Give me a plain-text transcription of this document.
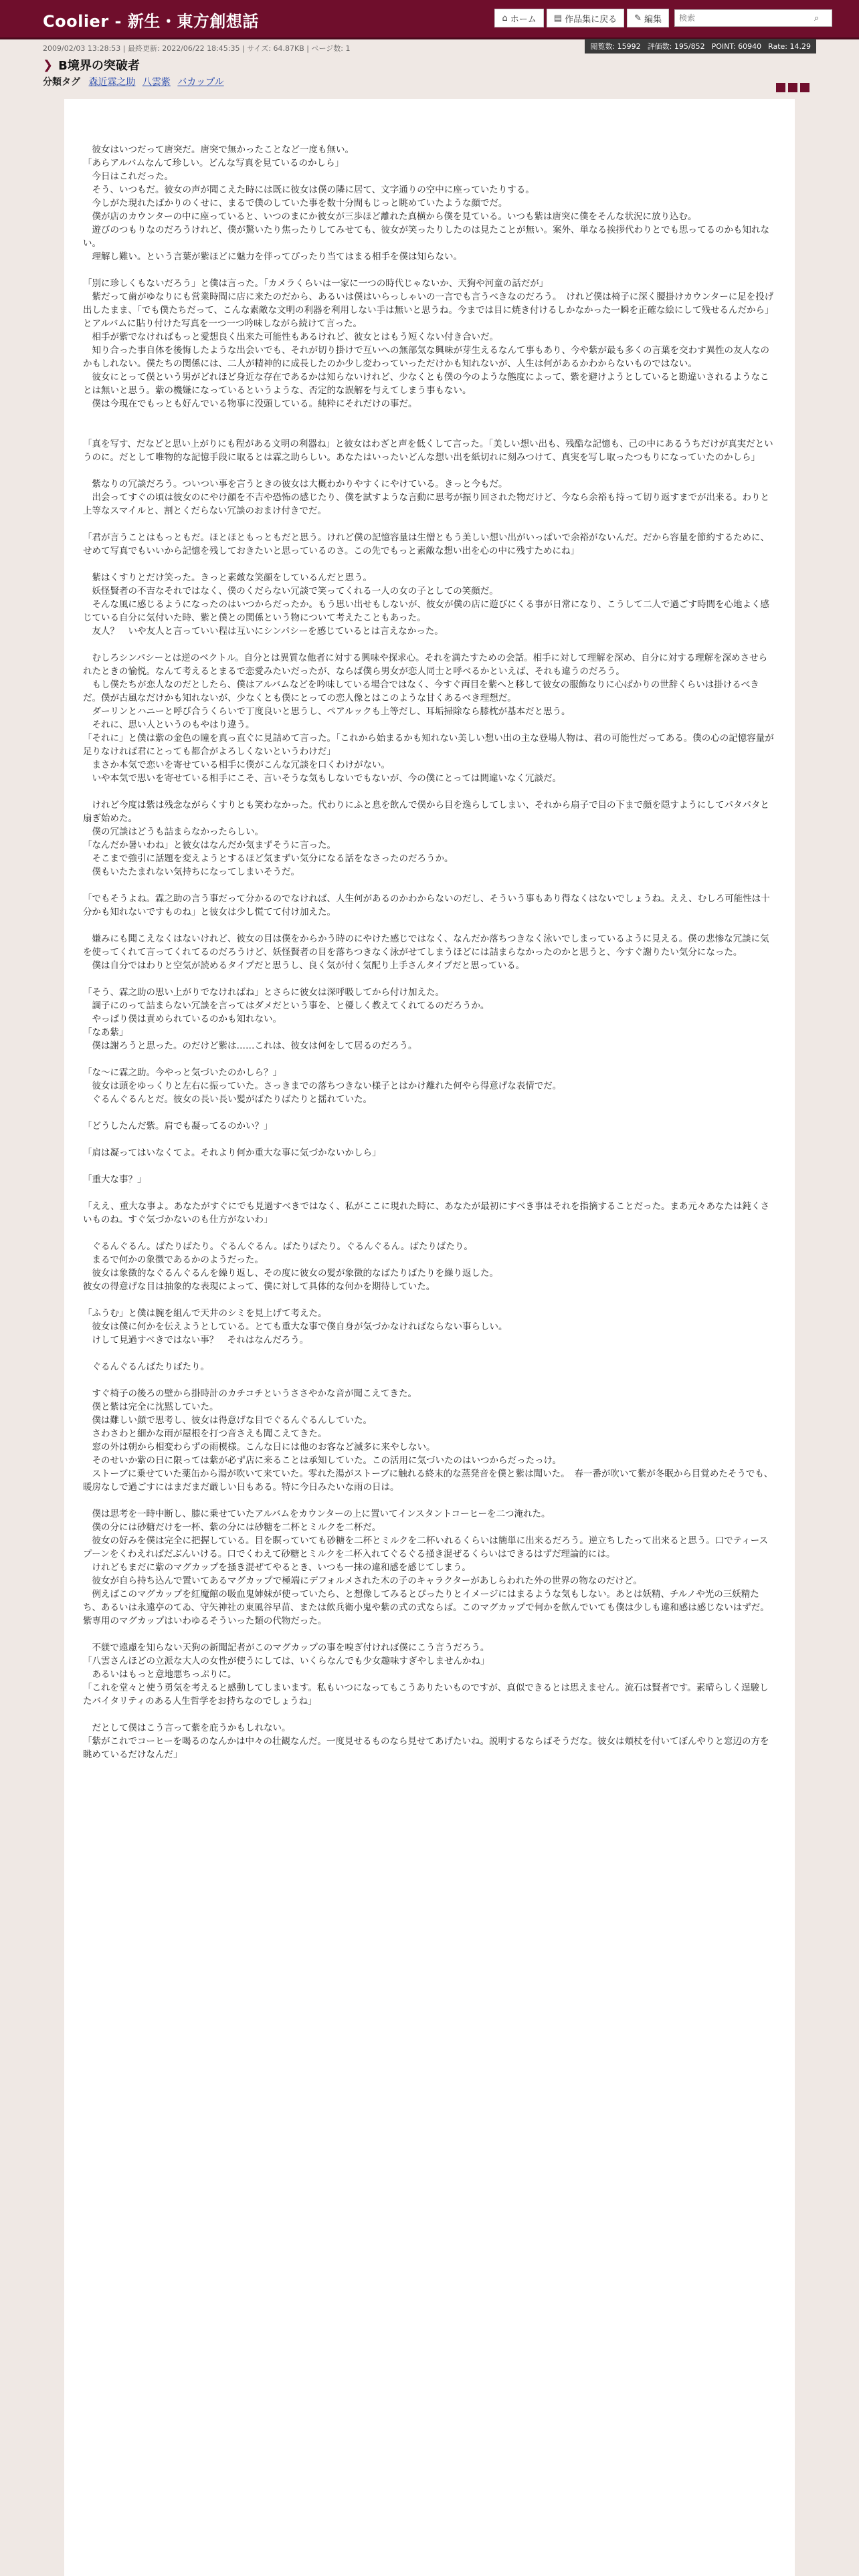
Coolier - 新生・東方創想話	⌂ ホーム ▤ 作品集に戻る ✎ 編集
検索	⌕
2009/02/03 13:28:53 | 最終更新: 2022/06/22 18:45:35 | サイズ: 64.87KB | ページ数: 1	閲覧数: 15992 評価数: 195/852 POINT: 60940 Rate: 14.29
❯ B境界の突破者
分類タグ 森近霖之助 八雲紫 バカップル

　彼女はいつだって唐突だ。唐突で無かったことなど一度も無い。

「あらアルバムなんて珍しい。どんな写真を見ているのかしら」

　今日はこれだった。

　そう、いつもだ。彼女の声が聞こえた時には既に彼女は僕の隣に居て、文字通りの空中に座っていたりする。

　今しがた現れたばかりのくせに、まるで僕のしていた事を数十分間もじっと眺めていたような顔でだ。

　僕が店のカウンターの中に座っていると、いつのまにか彼女が三歩ほど離れた真横から僕を見ている。いつも紫は唐突に僕をそんな状況に放り込む。

　遊びのつもりなのだろうけれど、僕が驚いたり焦ったりしてみせても、彼女が笑ったりしたのは見たことが無い。案外、単なる挨拶代わりとでも思ってるのかも知れない。

　理解し難い。という言葉が紫ほどに魅力を伴ってぴったり当てはまる相手を僕は知らない。

「別に珍しくもないだろう」と僕は言った。「カメラくらいは一家に一つの時代じゃないか、天狗や河童の話だが」

　紫だって歯がゆなりにも営業時間に店に来たのだから、あるいは僕はいらっしゃいの一言でも言うべきなのだろう。　けれど僕は椅子に深く腰掛けカウンターに足を投げ出したまま、「でも僕たちだって、こんな素敵な文明の利器を利用しない手は無いと思うね。今までは目に焼き付けるしかなかった一瞬を正確な絵にして残せるんだから」とアルバムに貼り付けた写真を一つ一つ吟味しながら続けて言った。

　相手が紫でなければもっと愛想良く出来た可能性もあるけれど、彼女とはもう短くない付き合いだ。

　知り合った事自体を後悔したような出会いでも、それが切り掛けで互いへの無部気な興味が芽生えるなんて事もあり、今や紫が最も多くの言葉を交わす異性の友人なのかもしれない。僕たちの関係には、二人が精神的に成長したのか少し変わっていっただけかも知れないが、人生は何があるかわからないものではない。

　彼女にとって僕という男がどれほど身近な存在であるかは知らないけれど、少なくとも僕の今のような態度によって、紫を避けようとしていると勘違いされるようなことは無いと思う。紫の機嫌になっているというような、否定的な誤解を与えてしまう事もない。

　僕は今現在でもっとも好んでいる物事に没頭している。純粋にそれだけの事だ。

「真を写す、だなどと思い上がりにも程がある文明の利器ね」と彼女はわざと声を低くして言った。「美しい想い出も、残酷な記憶も、己の中にあるうちだけが真実だというのに。だとして唯物的な記憶手段に取るとは霖之助らしい。あなたはいったいどんな想い出を紙切れに刻みつけて、真実を写し取ったつもりになっていたのかしら」

　紫なりの冗談だろう。ついつい事を言うときの彼女は大概わかりやすくにやけている。きっと今もだ。

　出会ってすぐの頃は彼女のにやけ顔を不吉や恐怖の感じたり、僕を試すような言動に思考が振り回された物だけど、今なら余裕も持って切り返すまでが出来る。わりと上等なスマイルと、割とくだらない冗談のおまけ付きでだ。

「君が言うことはもっともだ。ほとほともっともだと思う。けれど僕の記憶容量は生憎ともう美しい想い出がいっぱいで余裕がないんだ。だから容量を節約するために、せめて写真でもいいから記憶を残しておきたいと思っているのさ。この先でもっと素敵な想い出を心の中に残すためにね」

　紫はくすりとだけ笑った。きっと素敵な笑顔をしているんだと思う。

　妖怪賢者の不吉なそれではなく、僕のくだらない冗談で笑ってくれる一人の女の子としての笑顔だ。

　そんな風に感じるようになったのはいつからだったか。もう思い出せもしないが、彼女が僕の店に遊びにくる事が日常になり、こうして二人で過ごす時間を心地よく感じている自分に気付いた時、紫と僕との関係という物について考えたこともあった。

　友人？　いや友人と言っていい程は互いにシンパシーを感じているとは言えなかった。

　むしろシンパシーとは逆のベクトル。自分とは異質な他者に対する興味や探求心。それを満たすための会話。相手に対して理解を深め、自分に対する理解を深めさせられたときの愉悦。なんて考えるとまるで恋愛みたいだったが、ならば僕ら男女が恋人同士と呼べるかといえば、それも違うのだろう。

　もし僕たちが恋人なのだとしたら、僕はアルバムなどを吟味している場合ではなく、今すぐ両目を紫へと移して彼女の服飾なりに心ばかりの世辞くらいは掛けるべきだ。僕が古風なだけかも知れないが、少なくとも僕にとっての恋人像とはこのような甘くあるべき理想だ。

　ダーリンとハニーと呼び合うくらいで丁度良いと思うし、ペアルックも上等だし、耳垢掃除なら膝枕が基本だと思う。

　それに、思い人というのもやはり違う。

「それに」と僕は紫の金色の瞳を真っ直ぐに見詰めて言った。「これから始まるかも知れない美しい想い出の主な登場人物は、君の可能性だってある。僕の心の記憶容量が足りなければ君にとっても都合がよろしくないというわけだ」

　まさか本気で恋いを寄せている相手に僕がこんな冗談を口くわけがない。

　いや本気で思いを寄せている相手にこそ、言いそうな気もしないでもないが、今の僕にとっては間違いなく冗談だ。

　けれど今度は紫は残念ながらくすりとも笑わなかった。代わりにふと息を飲んで僕から目を逸らしてしまい、それから扇子で目の下まで顔を隠すようにしてパタパタと扇ぎ始めた。

　僕の冗談はどうも詰まらなかったらしい。

「なんだか暑いわね」と彼女はなんだか気まずそうに言った。

　そこまで強引に話題を変えようとするほど気まずい気分になる話をなさったのだろうか。

　僕もいたたまれない気持ちになってしまいそうだ。

「でもそうよね。霖之助の言う事だって分かるのでなければ、人生何があるのかわからないのだし、そういう事もあり得なくはないでしょうね。ええ、むしろ可能性は十分かも知れないですものね」と彼女は少し慌てて付け加えた。

　嫌みにも聞こえなくはないけれど、彼女の目は僕をからかう時のにやけた感じではなく、なんだか落ちつきなく泳いでしまっているように見える。僕の悲惨な冗談に気を使ってくれて言ってくれてるのだろうけど、妖怪賢者の目を落ちつきなく泳がせてしまうほどには詰まらなかったのかと思うと、今すぐ謝りたい気分になった。

　僕は自分ではわりと空気が読めるタイプだと思うし、良く気が付く気配り上手さんタイプだと思っている。

「そう、霖之助の思い上がりでなければね」とさらに彼女は深呼吸してから付け加えた。

　調子にのって詰まらない冗談を言ってはダメだという事を、と優しく教えてくれてるのだろうか。

　やっぱり僕は責められているのかも知れない。

「なあ紫」

　僕は謝ろうと思った。のだけど紫は……これは、彼女は何をして居るのだろう。

「な〜に霖之助。今やっと気づいたのかしら？」

　彼女は頭をゆっくりと左右に振っていた。さっきまでの落ちつきない様子とはかけ離れた何やら得意げな表情でだ。

　ぐるんぐるんとだ。彼女の長い長い髪がばたりばたりと揺れていた。

「どうしたんだ紫。肩でも凝ってるのかい？」

「肩は凝ってはいなくてよ。それより何か重大な事に気づかないかしら」

「重大な事？」

「ええ、重大な事よ。あなたがすぐにでも見過すべきではなく、私がここに現れた時に、あなたが最初にすべき事はそれを指摘することだった。まあ元々あなたは鈍くさいものね。すぐ気づかないのも仕方がないわ」

　ぐるんぐるん。ばたりばたり。ぐるんぐるん。ばたりばたり。ぐるんぐるん。ばたりばたり。

　まるで何かの象徴であるかのようだった。

　彼女は象徴的なぐるんぐるんを繰り返し、その度に彼女の髪が象徴的なばたりばたりを繰り返した。

彼女の得意げな目は抽象的な表現によって、僕に対して具体的な何かを期待していた。

「ふうむ」と僕は腕を組んで天井のシミを見上げて考えた。

　彼女は僕に何かを伝えようとしている。とても重大な事で僕自身が気づかなければならない事らしい。

　けして見過すべきではない事？　それはなんだろう。

　ぐるんぐるんばたりばたり。

　すぐ椅子の後ろの壁から掛時計のカチコチというささやかな音が聞こえてきた。

　僕と紫は完全に沈黙していた。

　僕は難しい顔で思考し、彼女は得意げな目でぐるんぐるんしていた。

　さわさわと細かな雨が屋根を打つ音さえも聞こえてきた。

　窓の外は朝から相変わらずの雨模様。こんな日には他のお客など滅多に来やしない。

　そのせいか紫の日に限っては紫が必ず店に来ることは承知していた。この活用に気づいたのはいつからだったっけ。

　ストーブに乗せていた薬缶から湯が吹いて来ていた。零れた湯がストーブに触れる終末的な蒸発音を僕と紫は聞いた。　春一番が吹いて紫が冬眠から目覚めたそうでも、暖房なしで過ごすにはまだまだ厳しい日もある。特に今日みたいな雨の日は。

　僕は思考を一時中断し、膝に乗せていたアルバムをカウンターの上に置いてインスタントコーヒーを二つ淹れた。

　僕の分には砂糖だけを一杯、紫の分には砂糖を二杯とミルクを二杯だ。

　彼女の好みを僕は完全に把握している。目を瞑っていても砂糖を二杯とミルクを二杯いれるくらいは簡単に出来るだろう。逆立ちしたって出来ると思う。口でティースプーンをくわえればだぶんいける。口でくわえて砂糖とミルクを二杯入れてぐるぐる掻き混ぜるくらいはできるはずだ理論的には。

　けれどもまだに紫のマグカップを掻き混ぜてやるとき、いつも一抹の違和感を感じてしまう。

　彼女が自ら持ち込んで置いてあるマグカップで極端にデフォルメされた木の子のキャラクターがあしらわれた外の世界の物なのだけど。

　例えばこのマグカップを紅魔館の吸血鬼姉妹が使っていたら、と想像してみるとぴったりとイメージにはまるような気もしない。あとは妖精、チルノや光の三妖精たち、あるいは永遠亭のてゐ、守矢神社の東風谷早苗、または飲兵衛小鬼や紫の式の式ならば。このマグカップで何かを飲んでいても僕は少しも違和感は感じないはずだ。紫専用のマグカップはいわゆるそういった類の代物だった。

　不躾で遠慮を知らない天狗の新聞記者がこのマグカップの事を嗅ぎ付ければ僕にこう言うだろう。

「八雲さんほどの立派な大人の女性が使うにしては、いくらなんでも少女趣味すぎやしませんかね」

　あるいはもっと意地悪ちっぷりに。

「これを堂々と使う勇気を考えると感動してしまいます。私もいつになってもこうありたいものですが、真似できるとは思えません。流石は賢者です。素晴らしく逞駿したバイタリティのある人生哲学をお持ちなのでしょうね」

　だとして僕はこう言って紫を庇うかもしれない。

「紫がこれでコーヒーを喝るのなんかは中々の壮観なんだ。一度見せるものなら見せてあげたいね。説明するならばそうだな。彼女は頬杖を付いてぼんやりと窓辺の方を眺めているだけなんだ」
